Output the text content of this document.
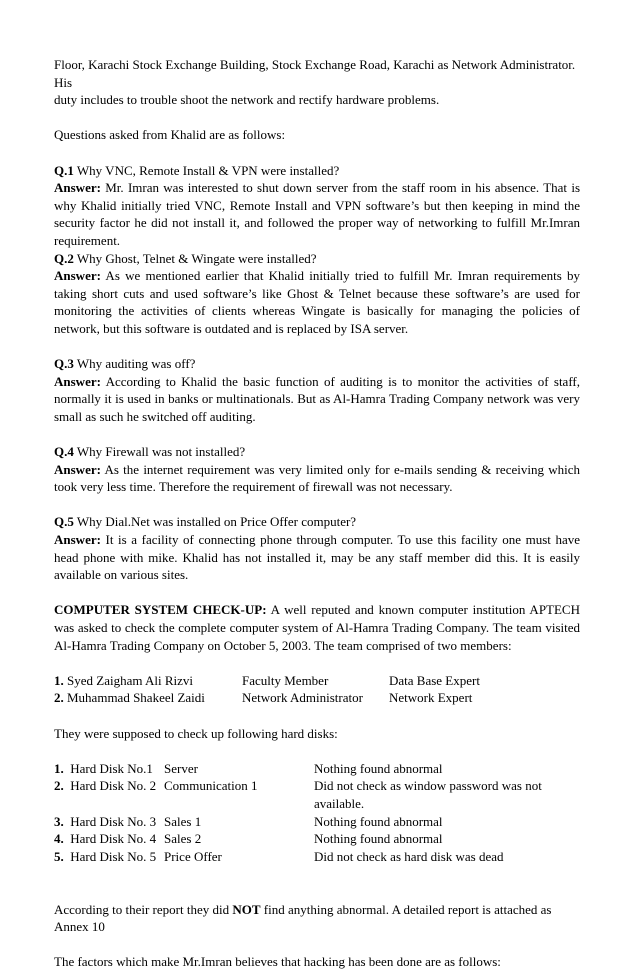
Floor, Karachi Stock Exchange Building, Stock Exchange Road, Karachi as Network Administrator. His

duty includes to trouble shoot the network and rectify hardware problems.

Questions asked from Khalid are as follows:

Q.1 Why VNC, Remote Install & VPN were installed?

Answer: Mr. Imran was interested to shut down server from the staff room in his absence. That is why Khalid initially tried VNC, Remote Install and VPN software’s but then keeping in mind the security factor he did not install it, and followed the proper way of networking to fulfill Mr.Imran requirement.

Q.2 Why Ghost, Telnet & Wingate were installed?

Answer: As we mentioned earlier that Khalid initially tried to fulfill Mr. Imran requirements by taking short cuts and used software’s like Ghost & Telnet because these software’s are used for monitoring the activities of clients whereas Wingate is basically for managing the policies of network, but this software is outdated and is replaced by ISA server.

Q.3 Why auditing was off?

Answer: According to Khalid the basic function of auditing is to monitor the activities of staff, normally it is used in banks or multinationals. But as Al-Hamra Trading Company network was very small as such he switched off auditing.

Q.4 Why Firewall was not installed?

Answer: As the internet requirement was very limited only for e-mails sending & receiving which took very less time. Therefore the requirement of firewall was not necessary.

Q.5 Why Dial.Net was installed on Price Offer computer?

Answer: It is a facility of connecting phone through computer. To use this facility one must have head phone with mike. Khalid has not installed it, may be any staff member did this. It is easily available on various sites.

COMPUTER SYSTEM CHECK-UP: A well reputed and known computer institution APTECH was asked to check the complete computer system of Al-Hamra Trading Company. The team visited Al-Hamra Trading Company on October 5, 2003. The team comprised of two members:

1. Syed Zaigham Ali Rizvi	Faculty Member	Data Base Expert
2. Muhammad Shakeel Zaidi	Network Administrator	Network Expert

They were supposed to check up following hard disks:

1.  Hard Disk No.1 Server	Nothing found abnormal
2.  Hard Disk No. 2 Communication 1	Did not check as window password was not available.
3.  Hard Disk No. 3 Sales 1	Nothing found abnormal
4.  Hard Disk No. 4 Sales 2	Nothing found abnormal
5.  Hard Disk No. 5 Price Offer	Did not check as hard disk was dead

According to their report they did NOT find anything abnormal. A detailed report is attached as Annex 10

The factors which make Mr.Imran believes that hacking has been done are as follows:
